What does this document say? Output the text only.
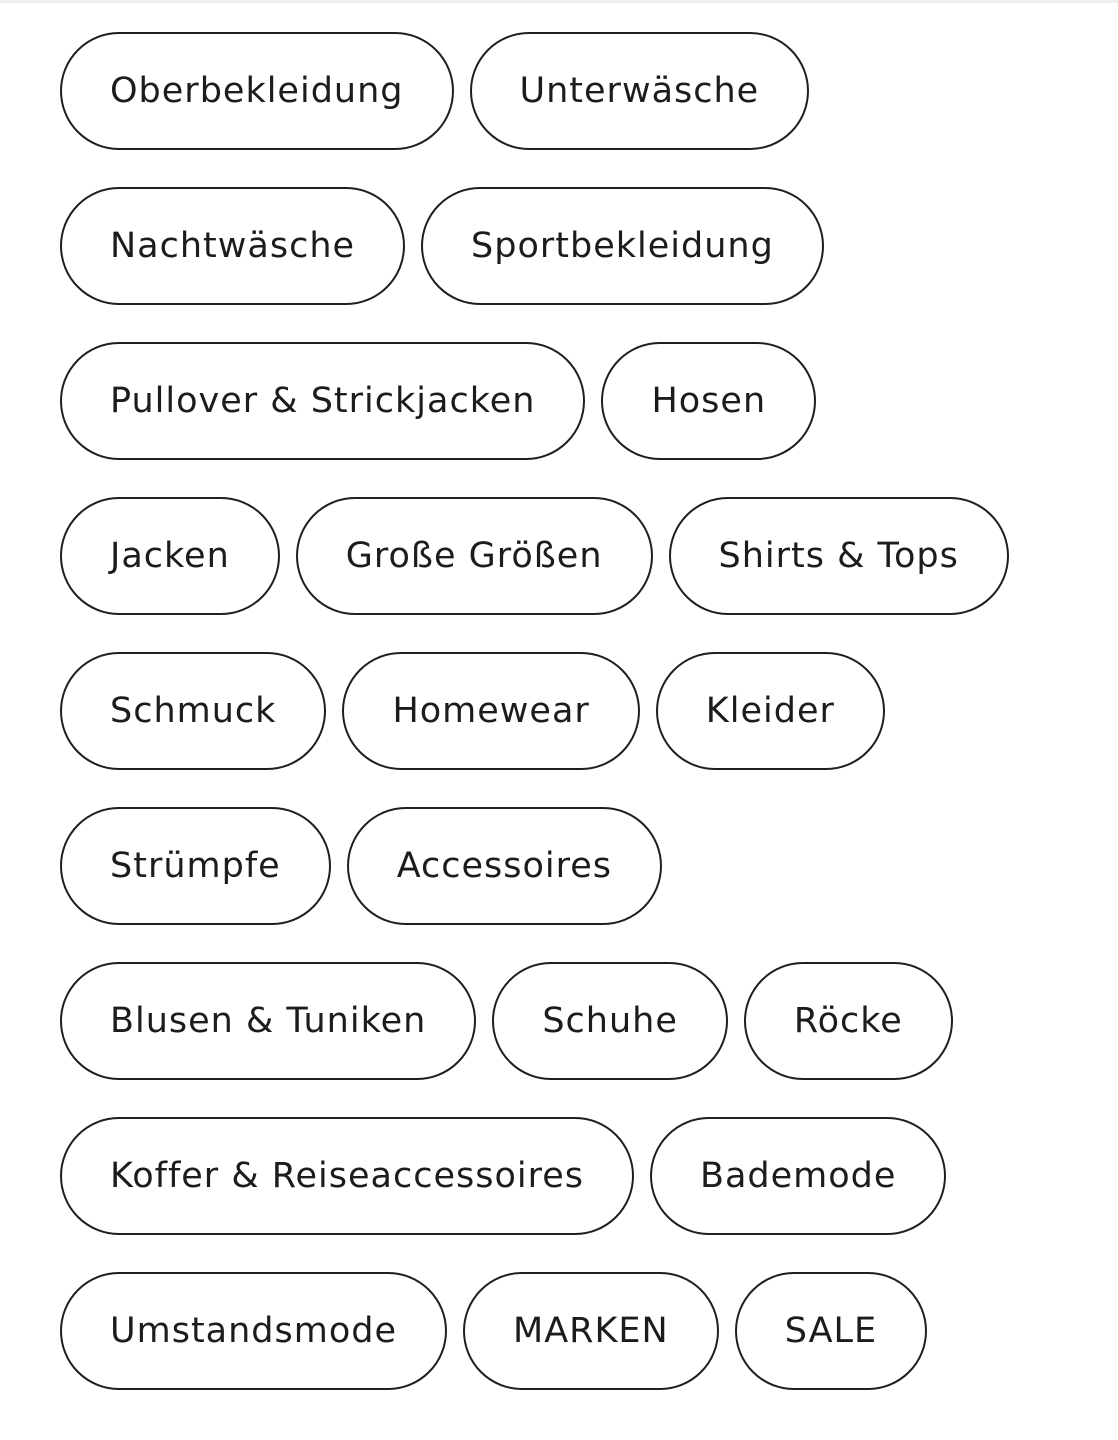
Oberbekleidung	Unterwäsche
Nachtwäsche	Sportbekleidung
Pullover & Strickjacken	Hosen
Jacken	Große Größen	Shirts & Tops
Schmuck	Homewear	Kleider
Strümpfe	Accessoires
Blusen & Tuniken	Schuhe	Röcke
Koffer & Reiseaccessoires	Bademode
Umstandsmode	MARKEN	SALE
